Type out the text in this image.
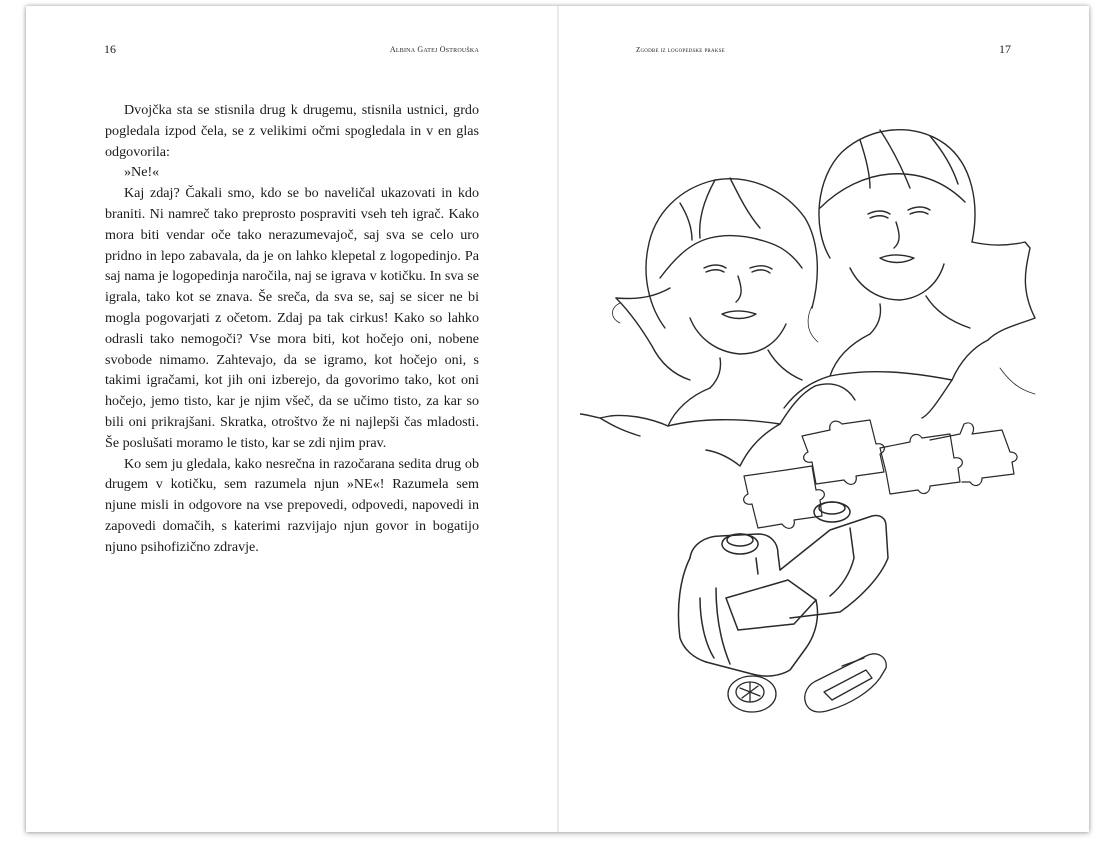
16	Albina Gatej Ostrouška

Dvojčka sta se stisnila drug k drugemu, stisnila ustnici, grdo pogledala izpod čela, se z velikimi očmi spogledala in v en glas odgovorila:

»Ne!«

Kaj zdaj? Čakali smo, kdo se bo naveličal ukazovati in kdo braniti. Ni namreč tako preprosto pospraviti vseh teh igrač. Kako mora biti vendar oče tako nerazumevajoč, saj sva se celo uro pridno in lepo zabavala, da je on lahko klepetal z logopedinjo. Pa saj nama je logopedinja naročila, naj se igrava v kotičku. In sva se igrala, tako kot se znava. Še sreča, da sva se, saj se sicer ne bi mogla pogovarjati z očetom. Zdaj pa tak cirkus! Kako so lahko odrasli tako nemogoči? Vse mora biti, kot hočejo oni, nobene svobode nimamo. Zahtevajo, da se igramo, kot hočejo oni, s takimi igračami, kot jih oni izberejo, da govorimo tako, kot oni hočejo, jemo tisto, kar je njim všeč, da se učimo tisto, za kar so bili oni prikrajšani. Skratka, otroštvo že ni najlepši čas mladosti. Še poslušati moramo le tisto, kar se zdi njim prav.

Ko sem ju gledala, kako nesrečna in razočarana sedita drug ob drugem v kotičku, sem razumela njun »NE«! Razumela sem njune misli in odgovore na vse prepovedi, odpovedi, napovedi in zapovedi domačih, s katerimi razvijajo njun govor in bogatijo njuno psihofizično zdravje.

Zgodbe iz logopedske prakse	17
